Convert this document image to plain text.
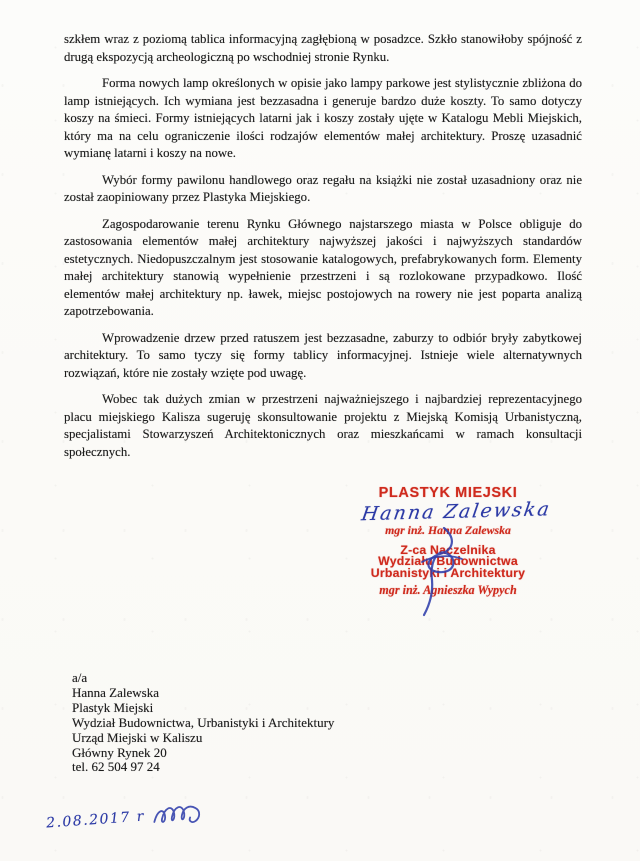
szkłem wraz z poziomą tablica informacyjną zagłębioną w posadzce. Szkło stanowiłoby spójność z drugą ekspozycją archeologiczną po wschodniej stronie Rynku.

Forma nowych lamp określonych w opisie jako lampy parkowe jest stylistycznie zbliżona do lamp istniejących. Ich wymiana jest bezzasadna i generuje bardzo duże koszty. To samo dotyczy koszy na śmieci. Formy istniejących latarni jak i koszy zostały ujęte w Katalogu Mebli Miejskich, który ma na celu ograniczenie ilości rodzajów elementów małej architektury. Proszę uzasadnić wymianę latarni i koszy na nowe.

Wybór formy pawilonu handlowego oraz regału na książki nie został uzasadniony oraz nie został zaopiniowany przez Plastyka Miejskiego.

Zagospodarowanie terenu Rynku Głównego najstarszego miasta w Polsce obliguje do zastosowania elementów małej architektury najwyższej jakości i najwyższych standardów estetycznych. Niedopuszczalnym jest stosowanie katalogowych, prefabrykowanych form. Elementy małej architektury stanowią wypełnienie przestrzeni i są rozlokowane przypadkowo. Ilość elementów małej architektury np. ławek, miejsc postojowych na rowery nie jest poparta analizą zapotrzebowania.

Wprowadzenie drzew przed ratuszem jest bezzasadne, zaburzy to odbiór bryły zabytkowej architektury. To samo tyczy się formy tablicy informacyjnej. Istnieje wiele alternatywnych rozwiązań, które nie zostały wzięte pod uwagę.

Wobec tak dużych zmian w przestrzeni najważniejszego i najbardziej reprezentacyjnego placu miejskiego Kalisza sugeruję skonsultowanie projektu z Miejską Komisją Urbanistyczną, specjalistami Stowarzyszeń Architektonicznych oraz mieszkańcami w ramach konsultacji społecznych.

PLASTYK MIEJSKI
Hanna Zalewska
mgr inż. Hanna Zalewska
Z-ca Naczelnika
Wydziału Budownictwa
Urbanistyki i Architektury
mgr inż. Agnieszka Wypych
a/a
Hanna Zalewska
Plastyk Miejski
Wydział Budownictwa, Urbanistyki i Architektury
Urząd Miejski w Kaliszu
Główny Rynek 20
tel. 62 504 97 24
2.08.2017 r
